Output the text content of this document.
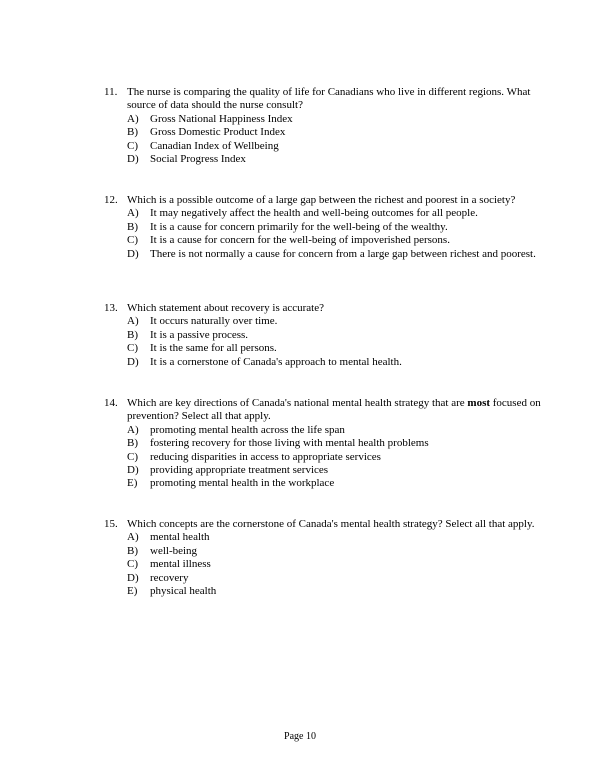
11. The nurse is comparing the quality of life for Canadians who live in different regions. What source of data should the nurse consult?
A)	Gross National Happiness Index
B)	Gross Domestic Product Index
C)	Canadian Index of Wellbeing
D)	Social Progress Index
12. Which is a possible outcome of a large gap between the richest and poorest in a society?
A)	It may negatively affect the health and well-being outcomes for all people.
B)	It is a cause for concern primarily for the well-being of the wealthy.
C)	It is a cause for concern for the well-being of impoverished persons.
D)	There is not normally a cause for concern from a large gap between richest and poorest.
13. Which statement about recovery is accurate?
A)	It occurs naturally over time.
B)	It is a passive process.
C)	It is the same for all persons.
D)	It is a cornerstone of Canada's approach to mental health.
14. Which are key directions of Canada's national mental health strategy that are most focused on prevention? Select all that apply.
A)	promoting mental health across the life span
B)	fostering recovery for those living with mental health problems
C)	reducing disparities in access to appropriate services
D)	providing appropriate treatment services
E)	promoting mental health in the workplace
15. Which concepts are the cornerstone of Canada's mental health strategy? Select all that apply.
A)	mental health
B)	well-being
C)	mental illness
D)	recovery
E)	physical health
Page 10
